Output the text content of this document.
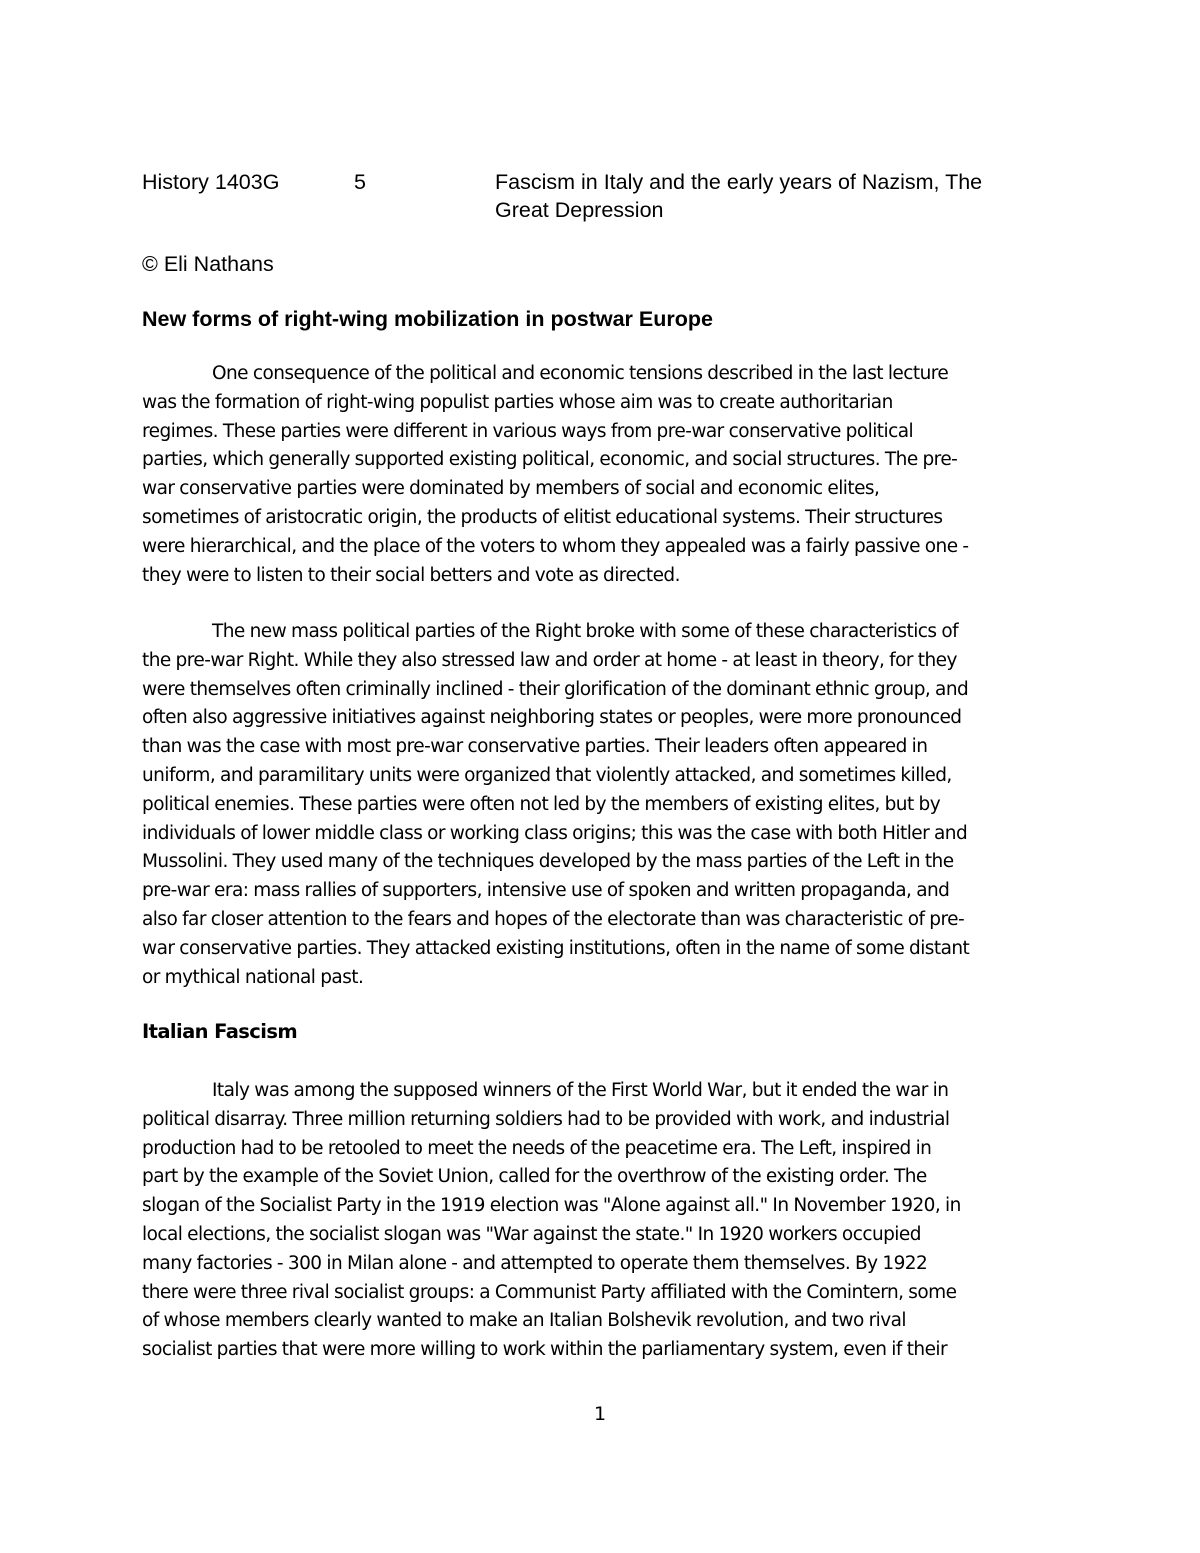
History 1403G	5	Fascism in Italy and the early years of Nazism, The
Great Depression
© Eli Nathans
New forms of right-wing mobilization in postwar Europe
One consequence of the political and economic tensions described in the last lecture
was the formation of right-wing populist parties whose aim was to create authoritarian
regimes. These parties were different in various ways from pre-war conservative political
parties, which generally supported existing political, economic, and social structures. The pre-
war conservative parties were dominated by members of social and economic elites,
sometimes of aristocratic origin, the products of elitist educational systems. Their structures
were hierarchical, and the place of the voters to whom they appealed was a fairly passive one -
they were to listen to their social betters and vote as directed.
The new mass political parties of the Right broke with some of these characteristics of
the pre-war Right. While they also stressed law and order at home - at least in theory, for they
were themselves often criminally inclined - their glorification of the dominant ethnic group, and
often also aggressive initiatives against neighboring states or peoples, were more pronounced
than was the case with most pre-war conservative parties. Their leaders often appeared in
uniform, and paramilitary units were organized that violently attacked, and sometimes killed,
political enemies. These parties were often not led by the members of existing elites, but by
individuals of lower middle class or working class origins; this was the case with both Hitler and
Mussolini. They used many of the techniques developed by the mass parties of the Left in the
pre-war era: mass rallies of supporters, intensive use of spoken and written propaganda, and
also far closer attention to the fears and hopes of the electorate than was characteristic of pre-
war conservative parties. They attacked existing institutions, often in the name of some distant
or mythical national past.
Italian Fascism
Italy was among the supposed winners of the First World War, but it ended the war in
political disarray. Three million returning soldiers had to be provided with work, and industrial
production had to be retooled to meet the needs of the peacetime era. The Left, inspired in
part by the example of the Soviet Union, called for the overthrow of the existing order. The
slogan of the Socialist Party in the 1919 election was "Alone against all." In November 1920, in
local elections, the socialist slogan was "War against the state." In 1920 workers occupied
many factories - 300 in Milan alone - and attempted to operate them themselves. By 1922
there were three rival socialist groups: a Communist Party affiliated with the Comintern, some
of whose members clearly wanted to make an Italian Bolshevik revolution, and two rival
socialist parties that were more willing to work within the parliamentary system, even if their
1
